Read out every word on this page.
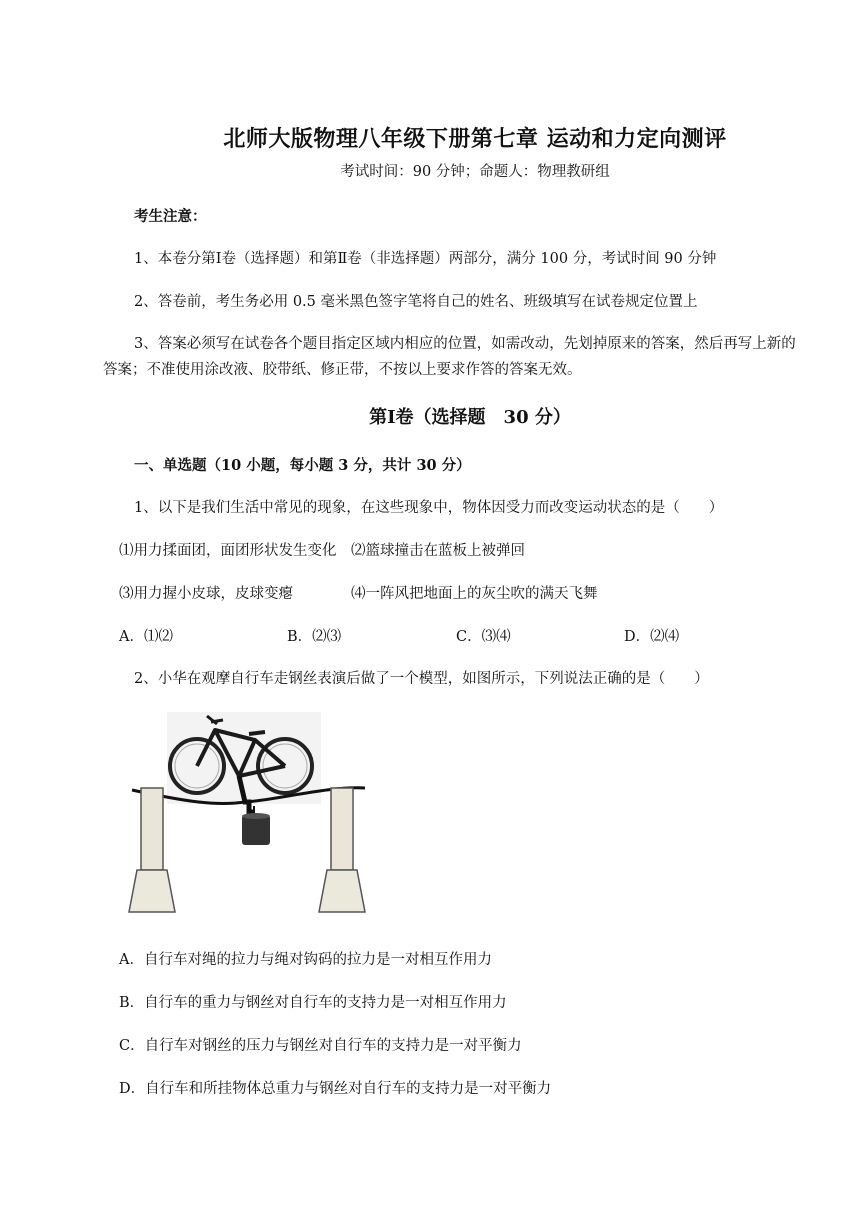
北师大版物理八年级下册第七章 运动和力定向测评
考试时间：90 分钟；命题人：物理教研组
考生注意：
1、本卷分第Ⅰ卷（选择题）和第Ⅱ卷（非选择题）两部分，满分 100 分，考试时间 90 分钟
2、答卷前，考生务必用 0.5 毫米黑色签字笔将自己的姓名、班级填写在试卷规定位置上
3、答案必须写在试卷各个题目指定区域内相应的位置，如需改动，先划掉原来的答案，然后再写上新的答案；不准使用涂改液、胶带纸、修正带，不按以上要求作答的答案无效。
第Ⅰ卷（选择题　30 分）
一、单选题（10 小题，每小题 3 分，共计 30 分）
1、以下是我们生活中常见的现象，在这些现象中，物体因受力而改变运动状态的是（　　）
⑴用力揉面团，面团形状发生变化　⑵篮球撞击在蓝板上被弹回
⑶用力握小皮球，皮球变瘪　　　　⑷一阵风把地面上的灰尘吹的满天飞舞
A．⑴⑵	B．⑵⑶	C．⑶⑷	D．⑵⑷
2、小华在观摩自行车走钢丝表演后做了一个模型，如图所示，下列说法正确的是（　　）
A．自行车对绳的拉力与绳对钩码的拉力是一对相互作用力
B．自行车的重力与钢丝对自行车的支持力是一对相互作用力
C．自行车对钢丝的压力与钢丝对自行车的支持力是一对平衡力
D．自行车和所挂物体总重力与钢丝对自行车的支持力是一对平衡力
